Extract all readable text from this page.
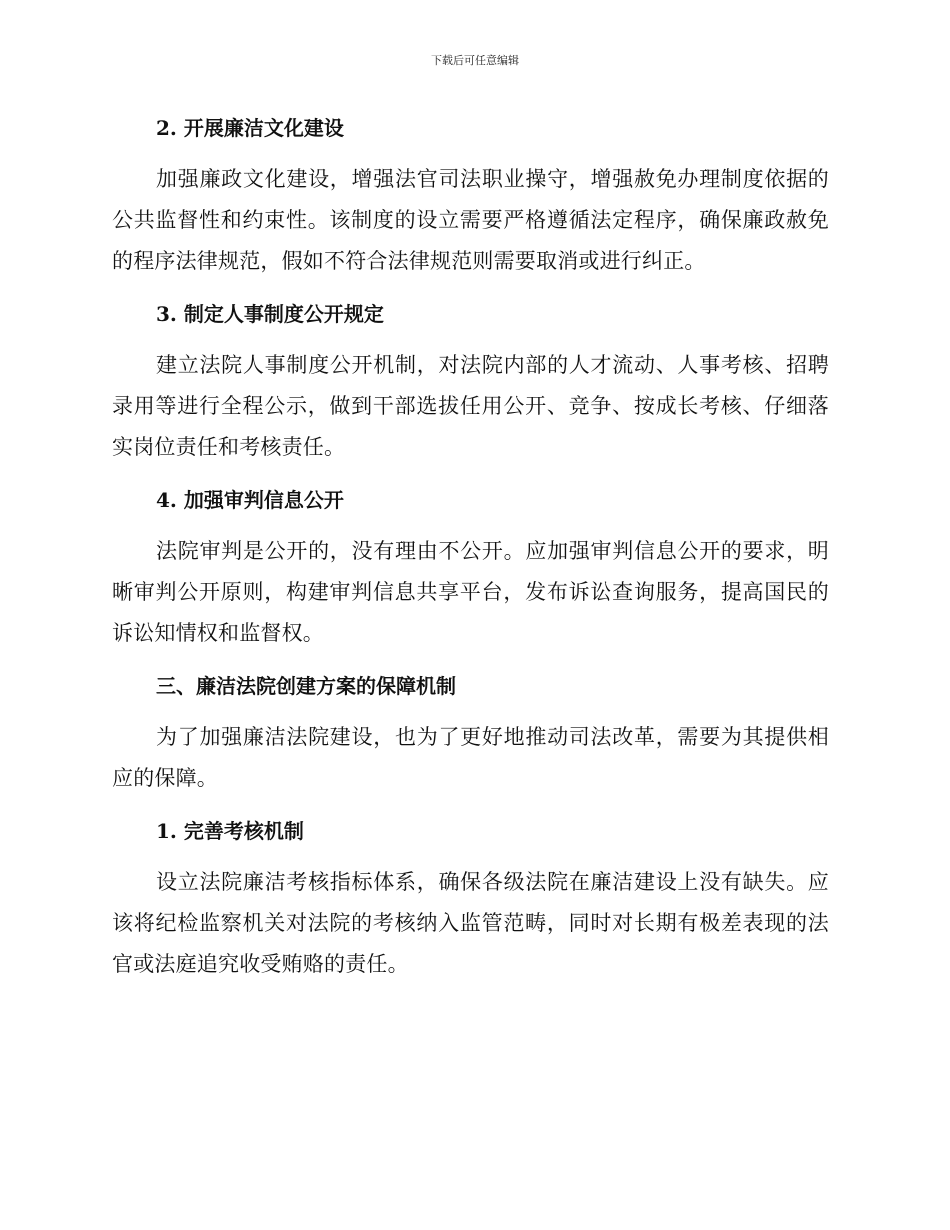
下载后可任意编辑
2. 开展廉洁文化建设

加强廉政文化建设，增强法官司法职业操守，增强赦免办理制度依据的公共监督性和约束性。该制度的设立需要严格遵循法定程序，确保廉政赦免的程序法律规范，假如不符合法律规范则需要取消或进行纠正。

3. 制定人事制度公开规定

建立法院人事制度公开机制，对法院内部的人才流动、人事考核、招聘录用等进行全程公示，做到干部选拔任用公开、竞争、按成长考核、仔细落实岗位责任和考核责任。

4. 加强审判信息公开

法院审判是公开的，没有理由不公开。应加强审判信息公开的要求，明晰审判公开原则，构建审判信息共享平台，发布诉讼查询服务，提高国民的诉讼知情权和监督权。

三、廉洁法院创建方案的保障机制

为了加强廉洁法院建设，也为了更好地推动司法改革，需要为其提供相应的保障。

1. 完善考核机制

设立法院廉洁考核指标体系，确保各级法院在廉洁建设上没有缺失。应该将纪检监察机关对法院的考核纳入监管范畴，同时对长期有极差表现的法官或法庭追究收受贿赂的责任。
